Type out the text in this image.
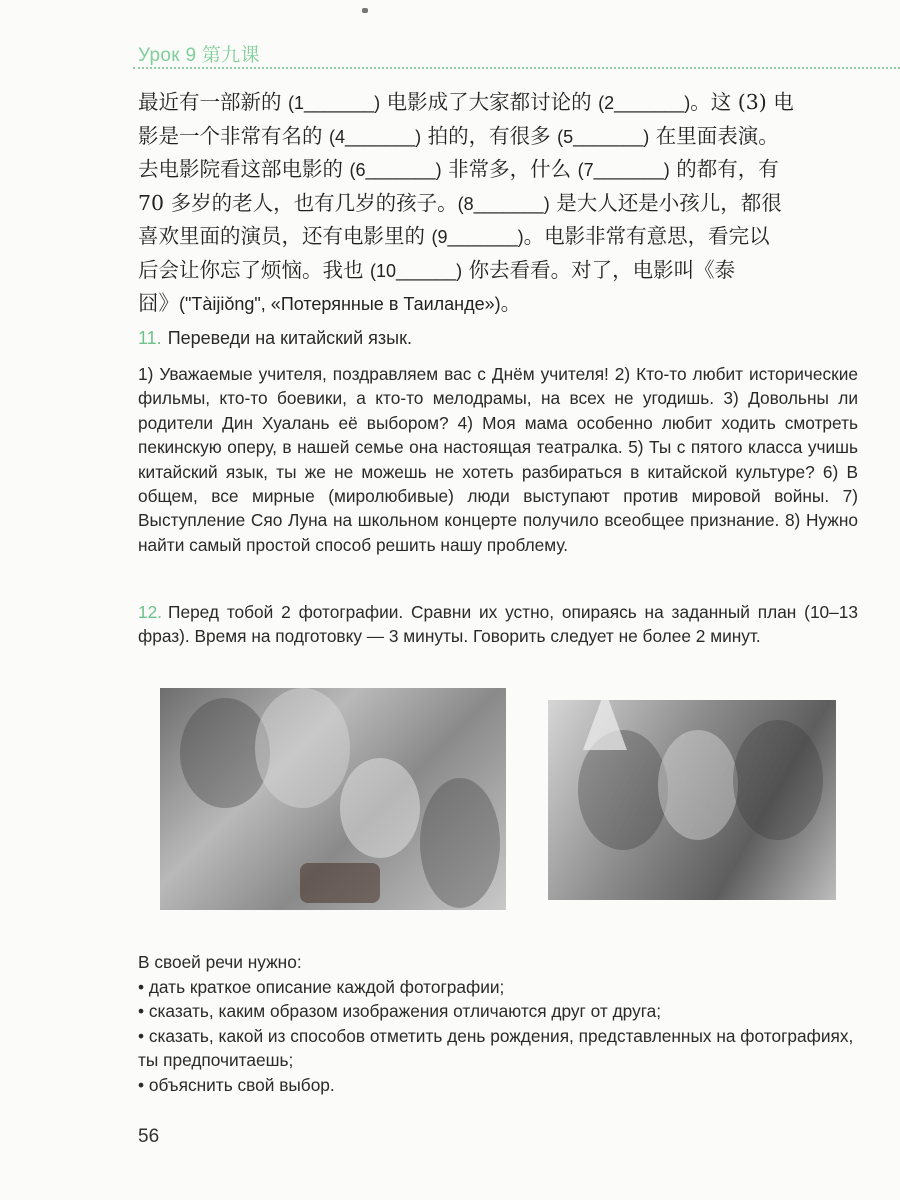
Урок 9 第九课
最近有一部新的 (1_______) 电影成了大家都讨论的 (2_______)。这 (3) 电
影是一个非常有名的 (4_______) 拍的，有很多 (5_______) 在里面表演。
去电影院看这部电影的 (6_______) 非常多，什么 (7_______) 的都有，有
70 多岁的老人，也有几岁的孩子。(8_______) 是大人还是小孩儿，都很
喜欢里面的演员，还有电影里的 (9_______)。电影非常有意思，看完以
后会让你忘了烦恼。我也 (10______) 你去看看。对了，电影叫《泰
囧》("Tàijiǒng", «Потерянные в Таиланде»)。
11. Переведи на китайский язык.
1) Уважаемые учителя, поздравляем вас с Днём учителя! 2) Кто-то любит исторические фильмы, кто-то боевики, а кто-то мелодрамы, на всех не угодишь. 3) Довольны ли родители Дин Хуалань её выбором? 4) Моя мама особенно любит ходить смотреть пекинскую оперу, в нашей семье она настоящая театралка. 5) Ты с пятого класса учишь китайский язык, ты же не можешь не хотеть разбираться в китайской культуре? 6) В общем, все мирные (миролюбивые) люди выступают против мировой войны. 7) Выступление Сяо Луна на школьном концерте получило всеобщее признание. 8) Нужно найти самый простой способ решить нашу проблему.
12. Перед тобой 2 фотографии. Сравни их устно, опираясь на заданный план (10–13 фраз). Время на подготовку — 3 минуты. Говорить следует не более 2 минут.
В своей речи нужно:
• дать краткое описание каждой фотографии;
• сказать, каким образом изображения отличаются друг от друга;
• сказать, какой из способов отметить день рождения, представленных на фотографиях, ты предпочитаешь;
• объяснить свой выбор.
56
